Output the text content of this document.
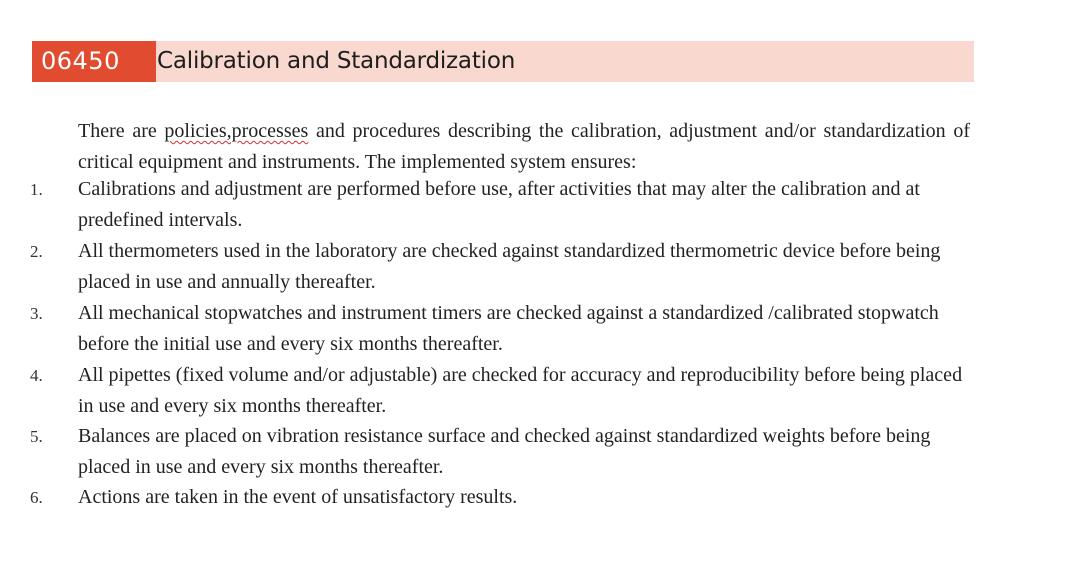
06450	Calibration and Standardization
There are policies,processes and procedures describing the calibration, adjustment and/or standardization of critical equipment and instruments. The implemented system ensures:
1. Calibrations and adjustment are performed before use, after activities that may alter the calibration and at predefined intervals.
2. All thermometers used in the laboratory are checked against standardized thermometric device before being placed in use and annually thereafter.
3. All mechanical stopwatches and instrument timers are checked against a standardized /calibrated stopwatch before the initial use and every six months thereafter.
4. All pipettes (fixed volume and/or adjustable) are checked for accuracy and reproducibility before being placed in use and every six months thereafter.
5. Balances are placed on vibration resistance surface and checked against standardized weights before being placed in use and every six months thereafter.
6. Actions are taken in the event of unsatisfactory results.
